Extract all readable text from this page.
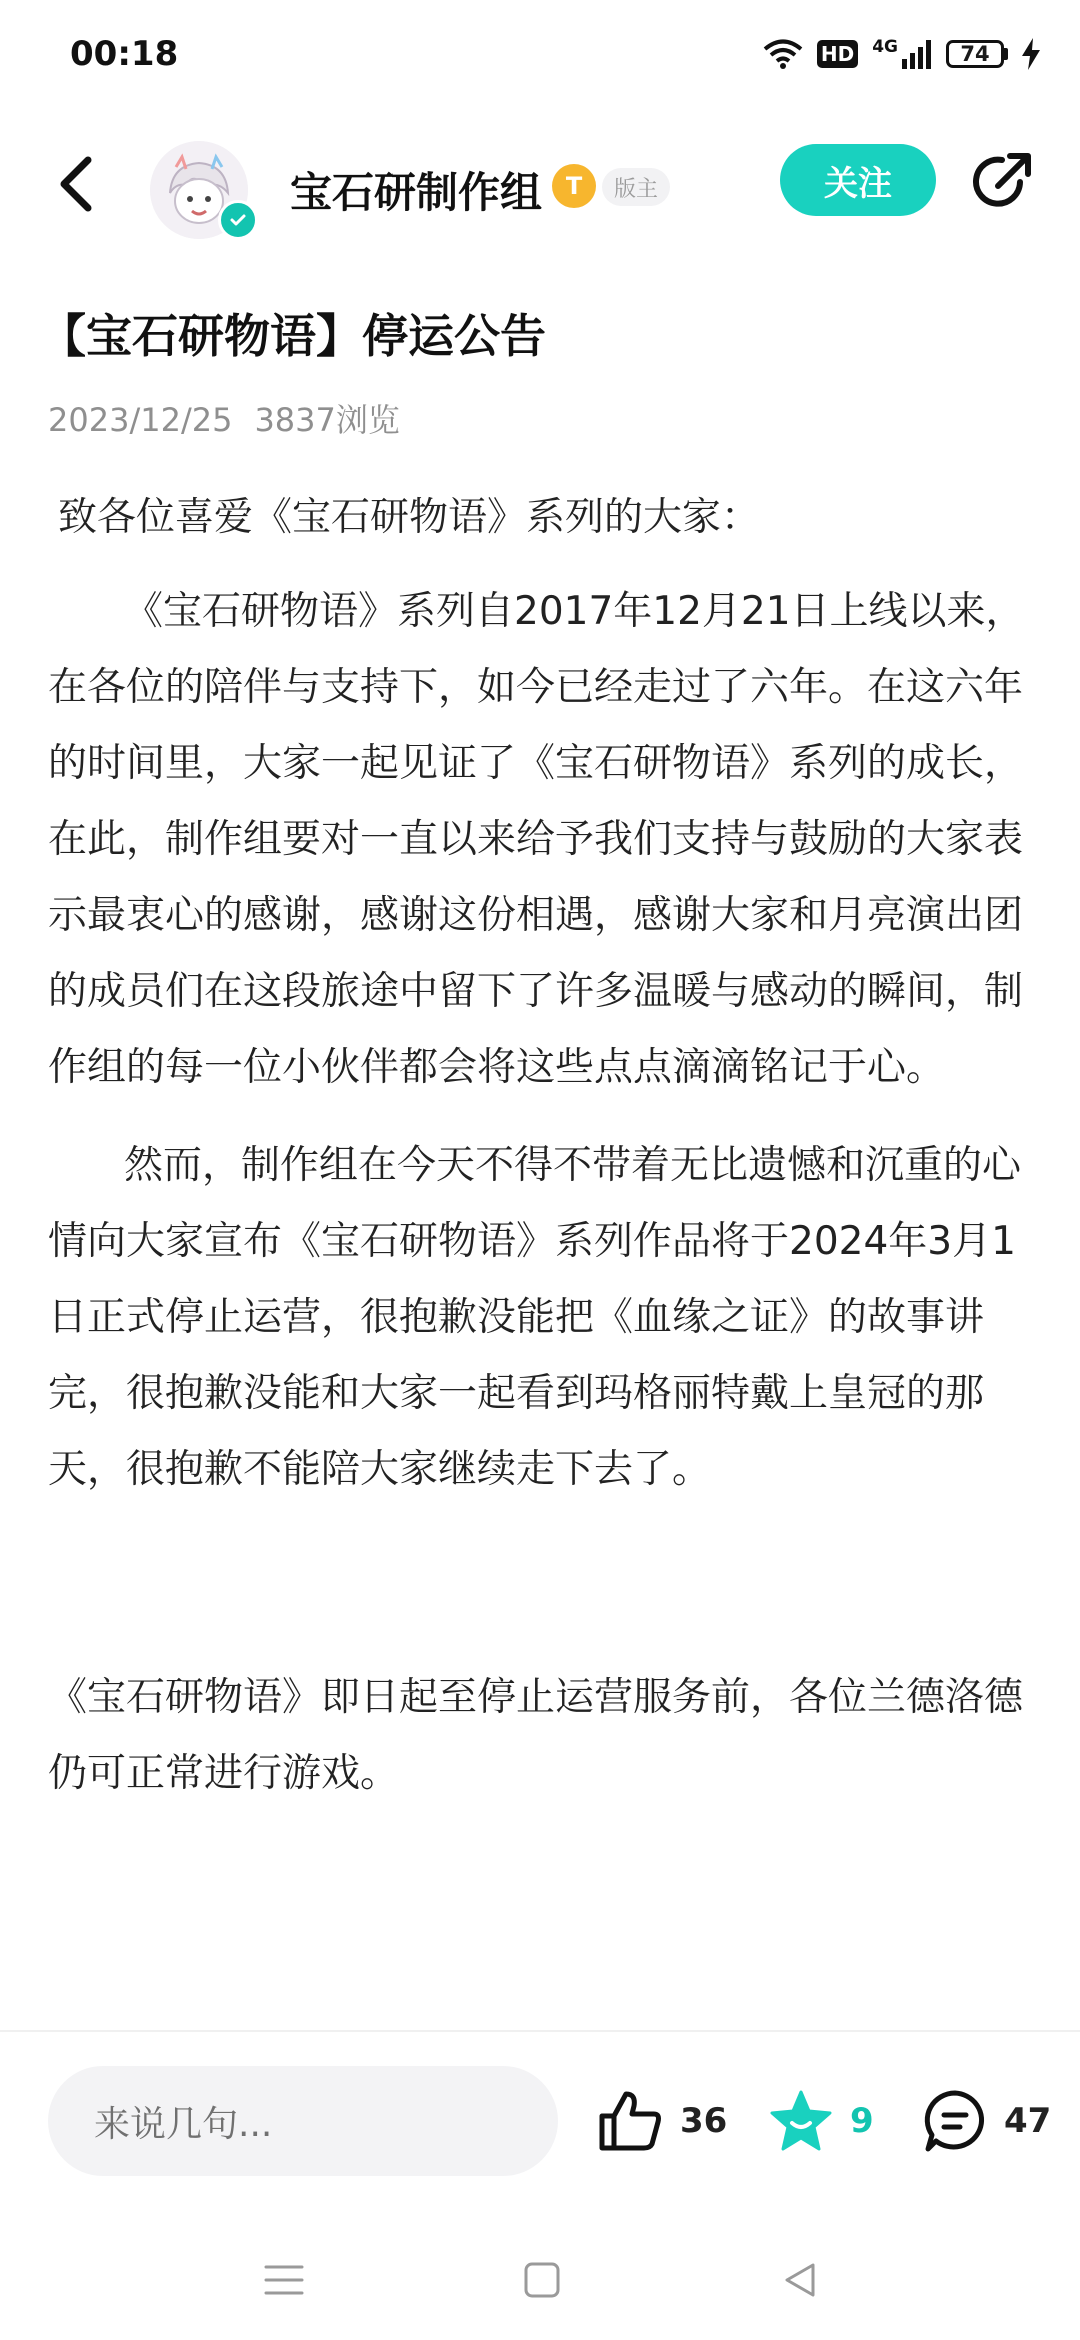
00:18	HD 4G	74
宝石研制作组 T	版主	关注
【宝石研物语】停运公告
2023/12/25 3837浏览

致各位喜爱《宝石研物语》系列的大家：

《宝石研物语》系列自2017年12月21日上线以来，在各位的陪伴与支持下，如今已经走过了六年。在这六年的时间里，大家一起见证了《宝石研物语》系列的成长，在此，制作组要对一直以来给予我们支持与鼓励的大家表示最衷心的感谢，感谢这份相遇，感谢大家和月亮演出团的成员们在这段旅途中留下了许多温暖与感动的瞬间，制作组的每一位小伙伴都会将这些点点滴滴铭记于心。

然而，制作组在今天不得不带着无比遗憾和沉重的心情向大家宣布《宝石研物语》系列作品将于2024年3月1日正式停止运营，很抱歉没能把《血缘之证》的故事讲完，很抱歉没能和大家一起看到玛格丽特戴上皇冠的那天，很抱歉不能陪大家继续走下去了。

《宝石研物语》即日起至停止运营服务前，各位兰德洛德仍可正常进行游戏。

来说几句...	36	9	47
